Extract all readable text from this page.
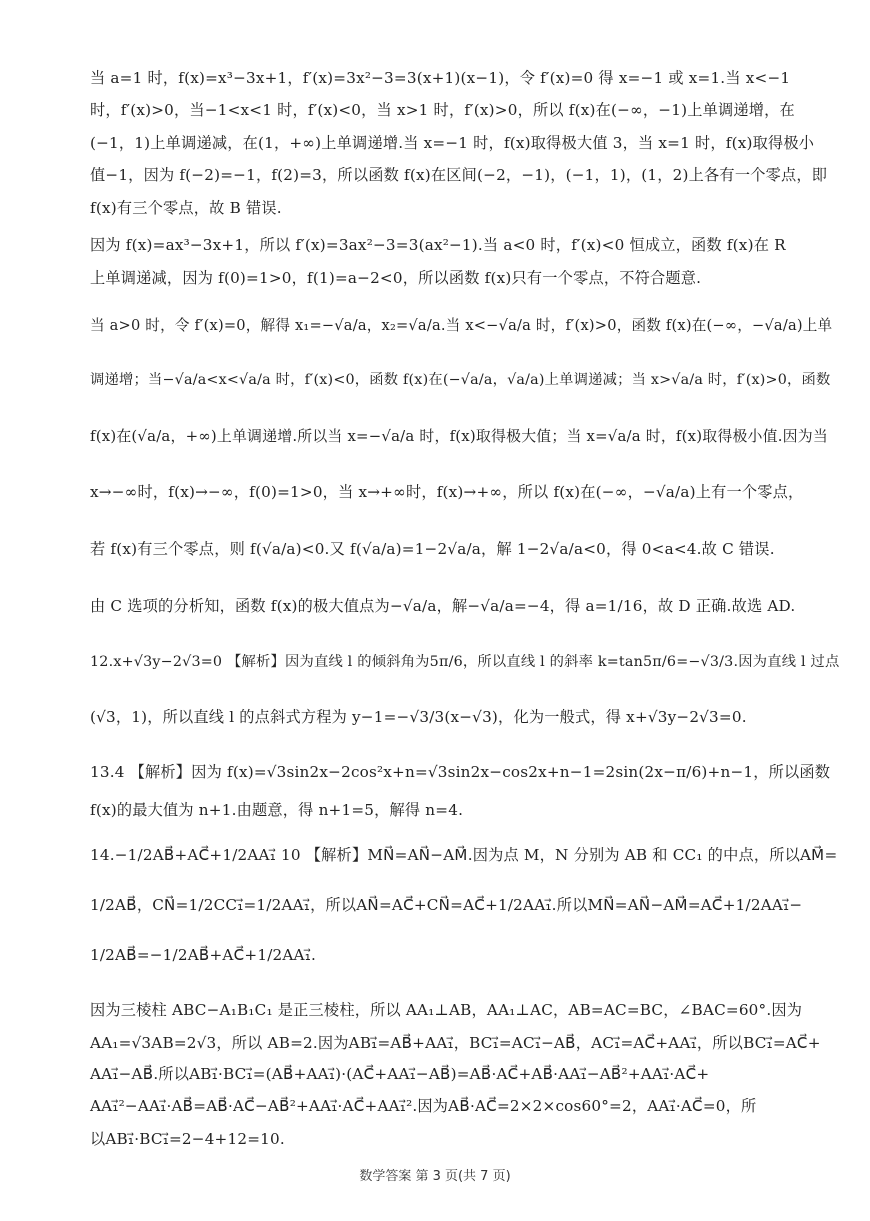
当 a=1 时，f(x)=x³−3x+1，f′(x)=3x²−3=3(x+1)(x−1)，令 f′(x)=0 得 x=−1 或 x=1.当 x<−1
时，f′(x)>0，当−1<x<1 时，f′(x)<0，当 x>1 时，f′(x)>0，所以 f(x)在(−∞，−1)上单调递增，在
(−1，1)上单调递减，在(1，+∞)上单调递增.当 x=−1 时，f(x)取得极大值 3，当 x=1 时，f(x)取得极小
值−1，因为 f(−2)=−1，f(2)=3，所以函数 f(x)在区间(−2，−1)，(−1，1)，(1，2)上各有一个零点，即
f(x)有三个零点，故 B 错误.
因为 f(x)=ax³−3x+1，所以 f′(x)=3ax²−3=3(ax²−1).当 a<0 时，f′(x)<0 恒成立，函数 f(x)在 R
上单调递减，因为 f(0)=1>0，f(1)=a−2<0，所以函数 f(x)只有一个零点，不符合题意.
当 a>0 时，令 f′(x)=0，解得 x₁=−√a/a，x₂=√a/a.当 x<−√a/a 时，f′(x)>0，函数 f(x)在(−∞，−√a/a)上单
调递增；当−√a/a<x<√a/a 时，f′(x)<0，函数 f(x)在(−√a/a，√a/a)上单调递减；当 x>√a/a 时，f′(x)>0，函数
f(x)在(√a/a，+∞)上单调递增.所以当 x=−√a/a 时，f(x)取得极大值；当 x=√a/a 时，f(x)取得极小值.因为当
x→−∞时，f(x)→−∞，f(0)=1>0，当 x→+∞时，f(x)→+∞，所以 f(x)在(−∞，−√a/a)上有一个零点，
若 f(x)有三个零点，则 f(√a/a)<0.又 f(√a/a)=1−2√a/a，解 1−2√a/a<0，得 0<a<4.故 C 错误.
由 C 选项的分析知，函数 f(x)的极大值点为−√a/a，解−√a/a=−4，得 a=1/16，故 D 正确.故选 AD.
12.x+√3y−2√3=0 【解析】因为直线 l 的倾斜角为5π/6，所以直线 l 的斜率 k=tan5π/6=−√3/3.因为直线 l 过点
(√3，1)，所以直线 l 的点斜式方程为 y−1=−√3/3(x−√3)，化为一般式，得 x+√3y−2√3=0.
13.4 【解析】因为 f(x)=√3sin2x−2cos²x+n=√3sin2x−cos2x+n−1=2sin(2x−π/6)+n−1，所以函数
f(x)的最大值为 n+1.由题意，得 n+1=5，解得 n=4.
14.−1/2AB⃗+AC⃗+1/2AA₁⃗ 10 【解析】MN⃗=AN⃗−AM⃗.因为点 M，N 分别为 AB 和 CC₁ 的中点，所以AM⃗=
1/2AB⃗，CN⃗=1/2CC₁⃗=1/2AA₁⃗，所以AN⃗=AC⃗+CN⃗=AC⃗+1/2AA₁⃗.所以MN⃗=AN⃗−AM⃗=AC⃗+1/2AA₁⃗−
1/2AB⃗=−1/2AB⃗+AC⃗+1/2AA₁⃗.
因为三棱柱 ABC−A₁B₁C₁ 是正三棱柱，所以 AA₁⊥AB，AA₁⊥AC，AB=AC=BC，∠BAC=60°.因为
AA₁=√3AB=2√3，所以 AB=2.因为AB₁⃗=AB⃗+AA₁⃗，BC₁⃗=AC₁⃗−AB⃗，AC₁⃗=AC⃗+AA₁⃗，所以BC₁⃗=AC⃗+
AA₁⃗−AB⃗.所以AB₁⃗·BC₁⃗=(AB⃗+AA₁⃗)·(AC⃗+AA₁⃗−AB⃗)=AB⃗·AC⃗+AB⃗·AA₁⃗−AB⃗²+AA₁⃗·AC⃗+
AA₁⃗²−AA₁⃗·AB⃗=AB⃗·AC⃗−AB⃗²+AA₁⃗·AC⃗+AA₁⃗².因为AB⃗·AC⃗=2×2×cos60°=2，AA₁⃗·AC⃗=0，所
以AB₁⃗·BC₁⃗=2−4+12=10.
数学答案 第 3 页(共 7 页)
